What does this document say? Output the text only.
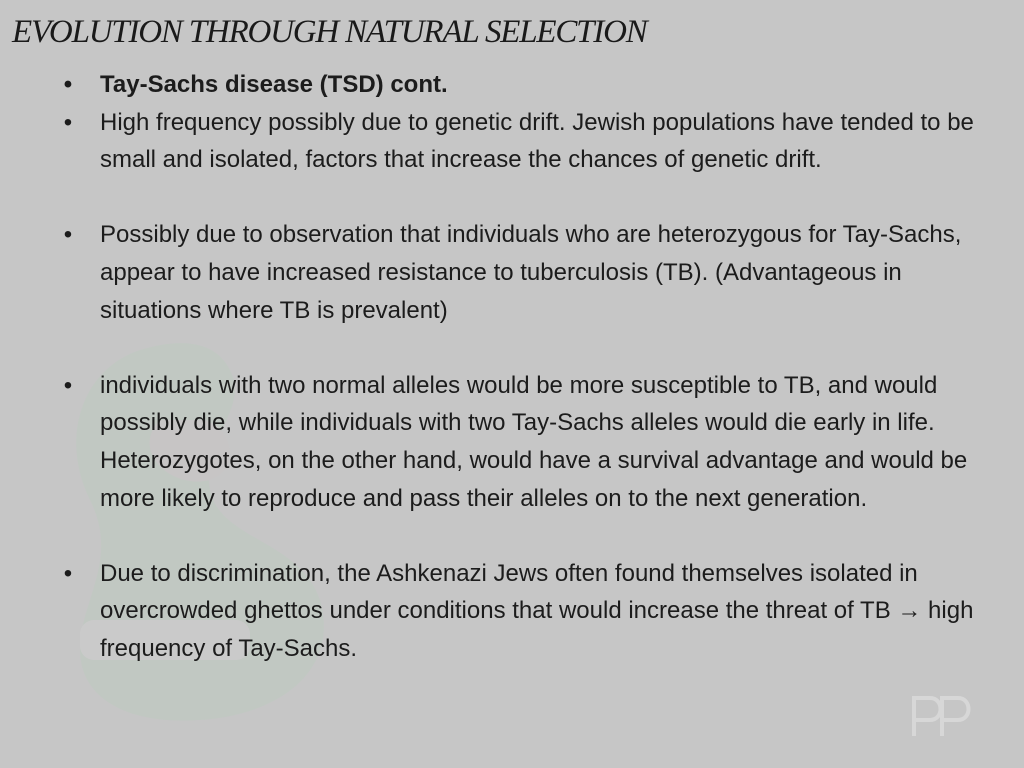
EVOLUTION THROUGH NATURAL SELECTION
• Tay-Sachs disease (TSD) cont.
• High frequency possibly due to genetic drift. Jewish populations have tended to be small and isolated, factors that increase the chances of genetic drift.
• Possibly due to observation that individuals who are heterozygous for Tay-Sachs, appear to have increased resistance to tuberculosis (TB). (Advantageous in situations where TB is prevalent)
• individuals with two normal alleles would be more susceptible to TB, and would possibly die, while individuals with two Tay-Sachs alleles would die early in life. Heterozygotes, on the other hand, would have a survival advantage and would be more likely to reproduce and pass their alleles on to the next generation.
• Due to discrimination, the Ashkenazi Jews often found themselves isolated in overcrowded ghettos under conditions that would increase the threat of TB → high frequency of Tay-Sachs.
